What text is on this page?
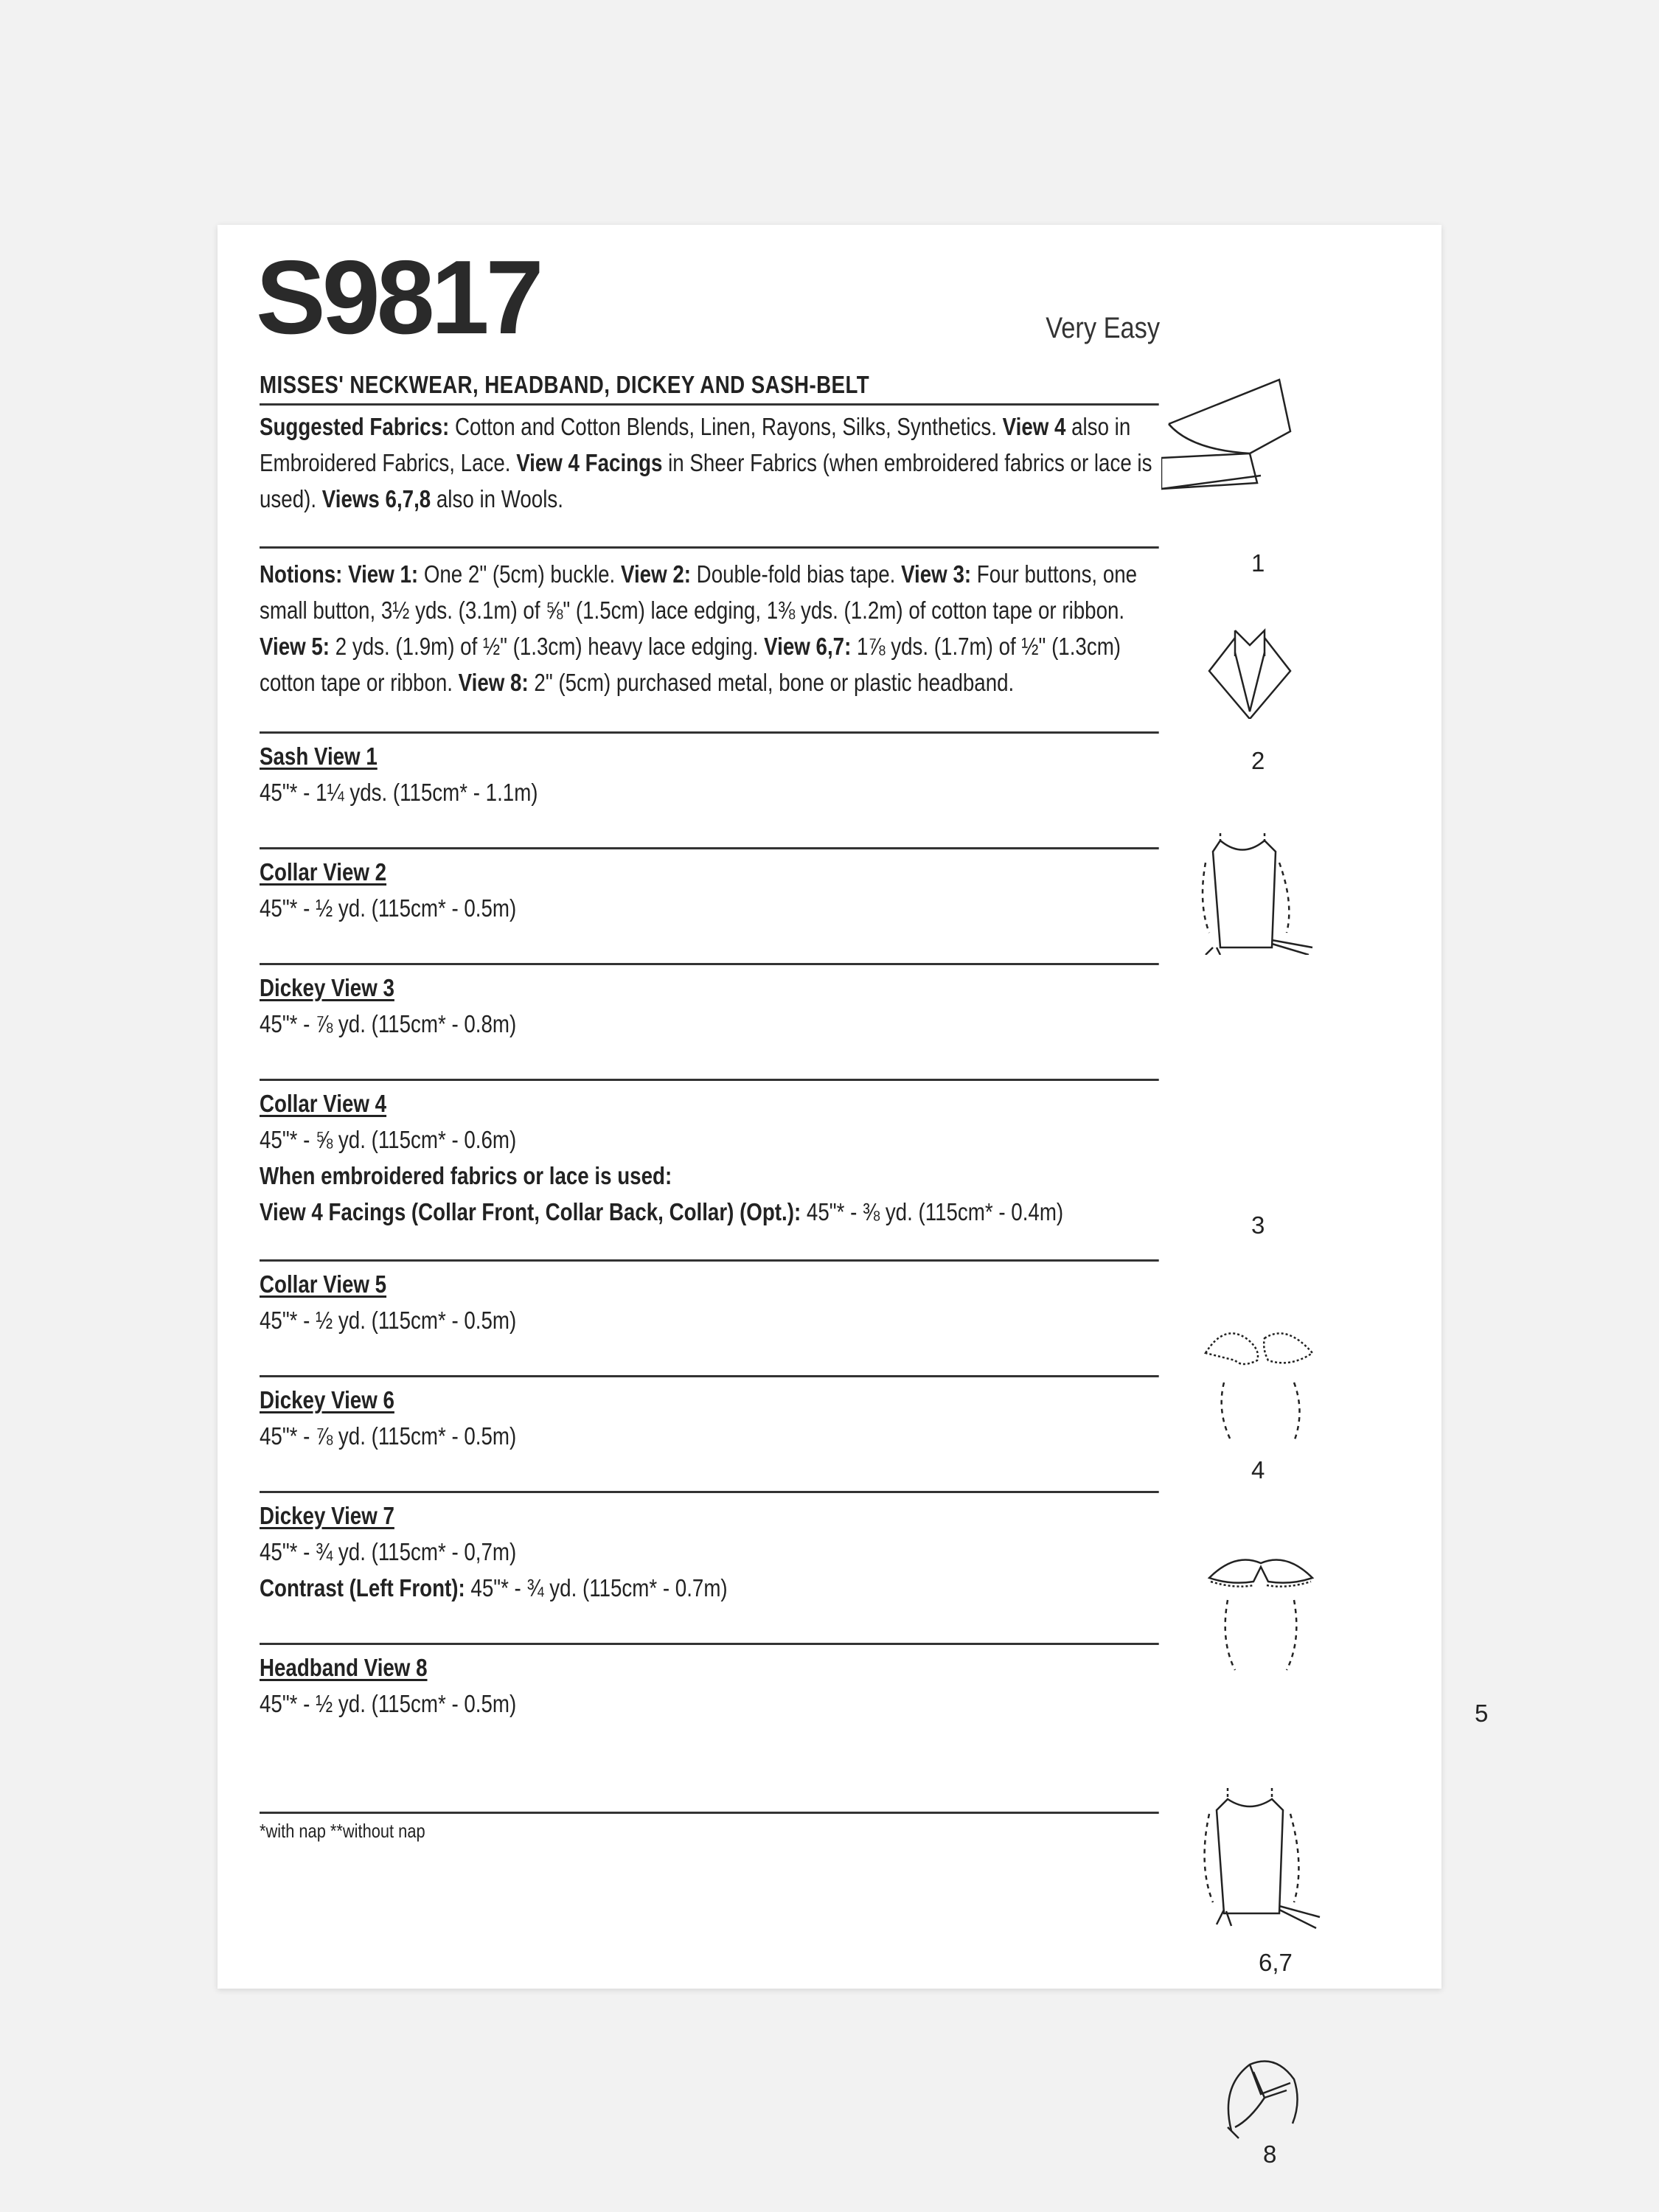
S9817	Very Easy
MISSES' NECKWEAR, HEADBAND, DICKEY AND SASH-BELT

Suggested Fabrics: Cotton and Cotton Blends, Linen, Rayons, Silks, Synthetics. View 4 also in Embroidered Fabrics, Lace. View 4 Facings in Sheer Fabrics (when embroidered fabrics or lace is used). Views 6,7,8 also in Wools.

Notions: View 1: One 2" (5cm) buckle. View 2: Double-fold bias tape. View 3: Four buttons, one small button, 3½ yds. (3.1m) of ⅝" (1.5cm) lace edging, 1⅜ yds. (1.2m) of cotton tape or ribbon. View 5: 2 yds. (1.9m) of ½" (1.3cm) heavy lace edging. View 6,7: 1⅞ yds. (1.7m) of ½" (1.3cm) cotton tape or ribbon. View 8: 2" (5cm) purchased metal, bone or plastic headband.

Sash View 1
45"* - 1¼ yds. (115cm* - 1.1m)
Collar View 2
45"* - ½ yd. (115cm* - 0.5m)
Dickey View 3
45"* - ⅞ yd. (115cm* - 0.8m)
Collar View 4
45"* - ⅝ yd. (115cm* - 0.6m)
When embroidered fabrics or lace is used:
View 4 Facings (Collar Front, Collar Back, Collar) (Opt.): 45"* - ⅜ yd. (115cm* - 0.4m)
Collar View 5
45"* - ½ yd. (115cm* - 0.5m)
Dickey View 6
45"* - ⅞ yd. (115cm* - 0.5m)
Dickey View 7
45"* - ¾ yd. (115cm* - 0,7m)
Contrast (Left Front): 45"* - ¾ yd. (115cm* - 0.7m)
Headband View 8
45"* - ½ yd. (115cm* - 0.5m)
*with nap **without nap
1
2
3
4
5
6,7
8
